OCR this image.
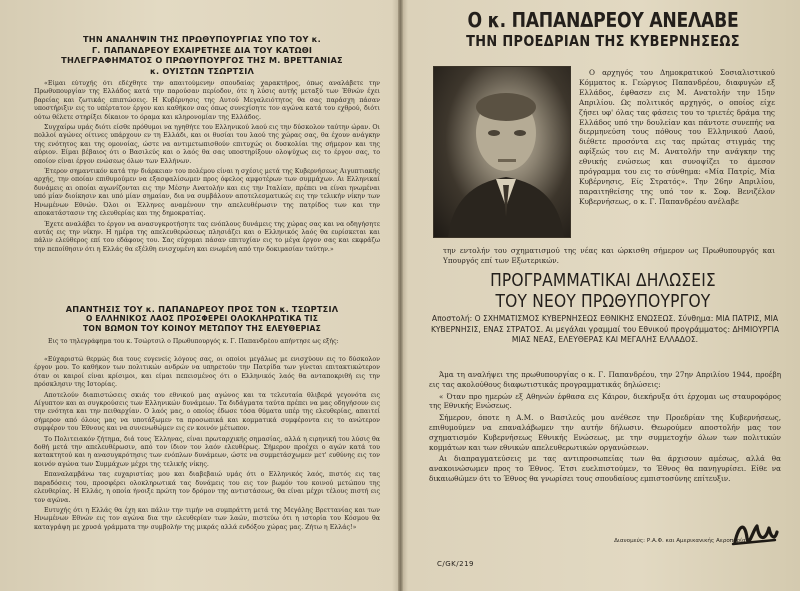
ΤΗΝ ΑΝΑΛΗΨΙΝ ΤΗΣ ΠΡΩΘΥΠΟΥΡΓΙΑΣ ΥΠΟ ΤΟΥ κ.
Γ. ΠΑΠΑΝΔΡΕΟΥ ΕΧΑΙΡΕΤΗΣΕ ΔΙΑ ΤΟΥ ΚΑΤΩΘΙ
ΤΗΛΕΓΡΑΦΗΜΑΤΟΣ Ο ΠΡΩΘΥΠΟΥΡΓΟΣ ΤΗΣ Μ. ΒΡΕΤΤΑΝΙΑΣ
κ. ΟΥΙΣΤΩΝ ΤΣΩΡΤΣΙΛ

«Είμαι εύτυχής ότι εδέχθητε την απαιτούμενην σπουδαίας χαρακτήρος, όπως αναλάβετε την Πρωθυπουργίαν της Ελλάδος κατά την παρούσαν περίοδον, ότε η λύσις αυτής μεταξύ των Έθνών έχει βαρείας και ζωτικάς επιπτώσεις. Η Κυβέρνησις της Αυτού Μεγαλειότητος θα σας παράσχη πάσαν υποστήριξιν εις το υπέρτατον έργον και καθήκον σας όπως συνεχίσητε τον αγώνα κατά του εχθρού, διότι ούτω θέλετε στηρίξει δίκαιον το όραμα και κληρονομίαν της Ελλάδος.

Συγχαίρω υμάς διότι είσθε πρόθυμοι να ηγηθήτε του Ελληνικού λαού εις την δύσκολον ταύτην ώραν. Οι πολλοί αγώνες οίτινες υπάρχουν εν τη Ελλάδι, και οι θυσίαι του λαού της χώρας σας, θα έχουν ανάγκην της ενότητος και της ομονοίας, ώστε να αντιμετωπισθούν επιτυχώς οι δυσκολίαι της σήμερον και της αύριον. Είμαι βέβαιος ότι ο Βασιλεύς και ο λαός θα σας υποστηρίξουν ολοψύχως εις το έργον σας, το οποίον είναι έργον ενώσεως όλων των Ελλήνων.

Έτερον σημαντικόν κατά την διάρκειαν του πολέμου είναι η σχέσις μετά της Κυβερνήσεως Αιγυπτιακής αρχής, την οποίαν επιθυμούμεν να εξασφαλίσωμεν προς όφελος αμφοτέρων των συμμάχων. Αι Ελληνικαί δυνάμεις αι οποίαι αγωνίζονται εις την Μέσην Ανατολήν και εις την Ιταλίαν, πρέπει να είναι ηνωμέναι υπό μίαν διοίκησιν και υπό μίαν σημαίαν, δια να συμβάλουν αποτελεσματικώς εις την τελικήν νίκην των Ηνωμένων Εθνών. Όλοι οι Έλληνες αναμένουν την απελευθέρωσιν της πατρίδος των και την αποκατάστασιν της ελευθερίας και της δημοκρατίας.

Έχετε αναλάβει το έργον να ανασυγκροτήσητε τας ενόπλους δυνάμεις της χώρας σας και να οδηγήσητε αυτάς εις την νίκην. Η ημέρα της απελευθερώσεως πλησιάζει και ο Ελληνικός λαός θα ευρίσκεται και πάλιν ελεύθερος επί του εδάφους του. Σας εύχομαι πάσαν επιτυχίαν εις το μέγα έργον σας και εκφράζω την πεποίθησιν ότι η Ελλάς θα εξέλθη ενισχυμένη και ενωμένη από την δοκιμασίαν ταύτην.»

ΑΠΑΝΤΗΣΙΣ ΤΟΥ κ. ΠΑΠΑΝΔΡΕΟΥ ΠΡΟΣ ΤΟΝ κ. ΤΣΩΡΤΣΙΛ
Ο ΕΛΛΗΝΙΚΟΣ ΛΑΟΣ ΠΡΟΣΦΕΡΕΙ ΟΛΟΚΛΗΡΩΤΙΚΑ ΤΙΣ
ΤΟΝ ΒΩΜΟΝ ΤΟΥ ΚΟΙΝΟΥ ΜΕΤΩΠΟΥ ΤΗΣ ΕΛΕΥΘΕΡΙΑΣ

Εις το τηλεγράφημα του κ. Τσώρτσιλ ο Πρωθυπουργός κ. Γ. Παπανδρέου απήντησε ως εξής:

«Εύχαριστώ θερμώς δια τους ευγενείς λόγους σας, οι οποίοι μεγάλως με ενισχύουν εις το δύσκολον έργον μου. Το καθήκον των πολιτικών ανδρών να υπηρετούν την Πατρίδα των γίνεται επιτακτικώτερον όταν οι καιροί είναι κρίσιμοι, και είμαι πεπεισμένος ότι ο Ελληνικός λαός θα ανταποκριθή εις την πρόσκλησιν της Ιστορίας.

Αποτελούν διαπιστώσεις σκιάς του εθνικού μας αγώνος και τα τελευταία θλιβερά γεγονότα εις Αίγυπτον και αι συγκρούσεις των Ελληνικών δυνάμεων. Τα διδάγματα ταύτα πρέπει να μας οδηγήσουν εις την ενότητα και την πειθαρχίαν. Ο λαός μας, ο οποίος έδωσε τόσα θύματα υπέρ της ελευθερίας, απαιτεί σήμερον από όλους μας να υποτάξωμεν τα προσωπικά και κομματικά συμφέροντα εις το ανώτερον συμφέρον του Έθνους και να συνενωθώμεν εις εν κοινόν μέτωπον.

Το Πολιτειακόν ζήτημα, διά τους Έλληνας, είναι πρωταρχικής σημασίας, αλλά η ειρηνική του λύσις θα δοθή μετά την απελευθέρωσιν, από τον ίδιον τον λαόν ελευθέρως. Σήμερον προέχει ο αγών κατά του κατακτητού και η ανασυγκρότησις των ενόπλων δυνάμεων, ώστε να συμμετάσχωμεν μετ' ευθύνης εις τον κοινόν αγώνα των Συμμάχων μέχρι της τελικής νίκης.

Επαναλαμβάνω τας ευχαριστίας μου και διαβεβαιώ υμάς ότι ο Ελληνικός λαός, πιστός εις τας παραδόσεις του, προσφέρει ολοκληρωτικά τας δυνάμεις του εις τον βωμόν του κοινού μετώπου της ελευθερίας. Η Ελλάς, η οποία ήνοιξε πρώτη τον δρόμον της αντιστάσεως, θα είναι μέχρι τέλους πιστή εις τον αγώνα.

Ευτυχής ότι η Ελλάς θα έχη και πάλιν την τιμήν να συμπράττη μετά της Μεγάλης Βρεττανίας και των Ηνωμένων Εθνών εις τον αγώνα δια την ελευθερίαν των λαών, πιστεύω ότι η ιστορία του Κόσμου θα καταγράψη με χρυσά γράμματα την συμβολήν της μικράς αλλά ενδόξου χώρας μας. Ζήτω η Ελλάς!»

Ο κ. ΠΑΠΑΝΔΡΕΟΥ ΑΝΕΛΑΒΕ
ΤΗΝ ΠΡΟΕΔΡΙΑΝ ΤΗΣ ΚΥΒΕΡΝΗΣΕΩΣ

Ο αρχηγός του Δημοκρατικού Σοσιαλιστικού Κόμματος κ. Γεώργιος Παπανδρέου, διαφυγών εξ Ελλάδος, έφθασεν εις Μ. Ανατολήν την 15ην Απριλίου. Ως πολιτικός αρχηγός, ο οποίος είχε ζήσει υφ' όλας τας φάσεις του το τριετές δράμα της Ελλάδος υπό την δουλείαν και πάντοτε συνεπής να διερμηνεύση τους πόθους του Ελληνικού Λαού, διέθετε προσόντα εις τας πρώτας στιγμάς της αφίξεώς του εις Μ. Ανατολήν την ανάγκην της εθνικής ενώσεως και συνοψίζει το άμεσον πρόγραμμα του εις το σύνθημα: «Μία Πατρίς, Μία Κυβέρνησις, Είς Στρατός». Την 26ην Απριλίου, παραιτηθείσης της υπό τον κ. Σοφ. Βενιζέλον Κυβερνήσεως, ο κ. Γ. Παπανδρέου ανέλαβε

την εντολήν του σχηματισμού της νέας και ώρκισθη σήμερον ως Πρωθυπουργός και Υπουργός επί των Εξωτερικών.

ΠΡΟΓΡΑΜΜΑΤΙΚΑΙ ΔΗΛΩΣΕΙΣ
ΤΟΥ ΝΕΟΥ ΠΡΩΘΥΠΟΥΡΓΟΥ

Αποστολή: Ο ΣΧΗΜΑΤΙΣΜΟΣ ΚΥΒΕΡΝΗΣΕΩΣ ΕΘΝΙΚΗΣ ΕΝΩΣΕΩΣ. Σύνθημα: ΜΙΑ ΠΑΤΡΙΣ, ΜΙΑ ΚΥΒΕΡΝΗΣΙΣ, ΕΝΑΣ ΣΤΡΑΤΟΣ. Αι μεγάλαι γραμμαί του Εθνικού προγράμματος: ΔΗΜΙΟΥΡΓΙΑ ΜΙΑΣ ΝΕΑΣ, ΕΛΕΥΘΕΡΑΣ ΚΑΙ ΜΕΓΑΛΗΣ ΕΛΛΑΔΟΣ.

Άμα τη αναλήψει της πρωθυπουργίας ο κ. Γ. Παπανδρέου, την 27ην Απριλίου 1944, προέβη εις τας ακολούθους διαφωτιστικάς προγραμματικάς δηλώσεις:

« Όταν προ ημερών εξ Αθηνών έφθασα εις Κάιρον, διεκήρυξα ότι έρχομαι ως σταυροφόρος της Εθνικής Ενώσεως.

Σήμερον, όποτε η Α.Μ. ο Βασιλεύς μου ανέθεσε την Προεδρίαν της Κυβερνήσεως, επιθυμούμεν να επαναλάβωμεν την αυτήν δήλωσιν. Θεωρούμεν αποστολήν μας τον σχηματισμόν Κυβερνήσεως Εθνικής Ενώσεως, με την συμμετοχήν όλων των πολιτικών κομμάτων και των εθνικών απελευθερωτικών οργανώσεων.

Αι διαπραγματεύσεις με τας αντιπροσωπείας των θα άρχισουν αμέσως, αλλά θα ανακοινώσωμεν προς το Έθνος. Έτσι ευελπιστούμεν, το Έθνος θα πανηγυρίσει. Είθε να δικαιωθώμεν ότι το Έθνος θα γνωρίσει τους σπουδαίους εμπιστοσύνης επίτευξιν.

Διανομεύς: Ρ.Α.Φ. και Αμερικανικής Αεροπορίας
C/GK/219
